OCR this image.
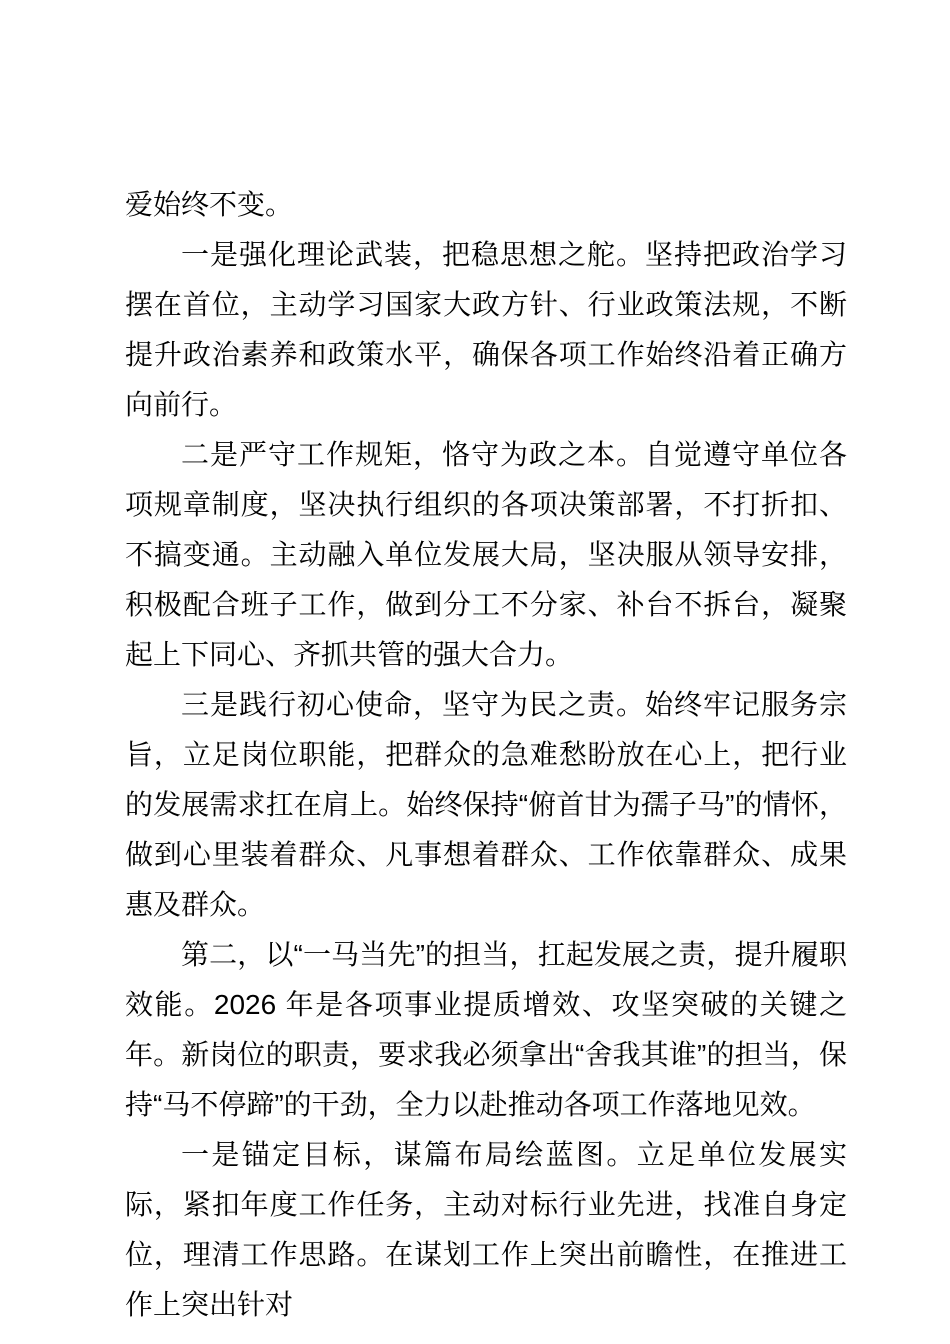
爱始终不变。

一是强化理论武装，把稳思想之舵。坚持把政治学习摆在首位，主动学习国家大政方针、行业政策法规，不断提升政治素养和政策水平，确保各项工作始终沿着正确方向前行。

二是严守工作规矩，恪守为政之本。自觉遵守单位各项规章制度，坚决执行组织的各项决策部署，不打折扣、不搞变通。主动融入单位发展大局，坚决服从领导安排，积极配合班子工作，做到分工不分家、补台不拆台，凝聚起上下同心、齐抓共管的强大合力。

三是践行初心使命，坚守为民之责。始终牢记服务宗旨，立足岗位职能，把群众的急难愁盼放在心上，把行业的发展需求扛在肩上。始终保持“俯首甘为孺子马”的情怀，做到心里装着群众、凡事想着群众、工作依靠群众、成果惠及群众。

第二，以“一马当先”的担当，扛起发展之责，提升履职效能。2026 年是各项事业提质增效、攻坚突破的关键之年。新岗位的职责，要求我必须拿出“舍我其谁”的担当，保持“马不停蹄”的干劲，全力以赴推动各项工作落地见效。

一是锚定目标，谋篇布局绘蓝图。立足单位发展实际，紧扣年度工作任务，主动对标行业先进，找准自身定位，理清工作思路。在谋划工作上突出前瞻性，在推进工作上突出针对
